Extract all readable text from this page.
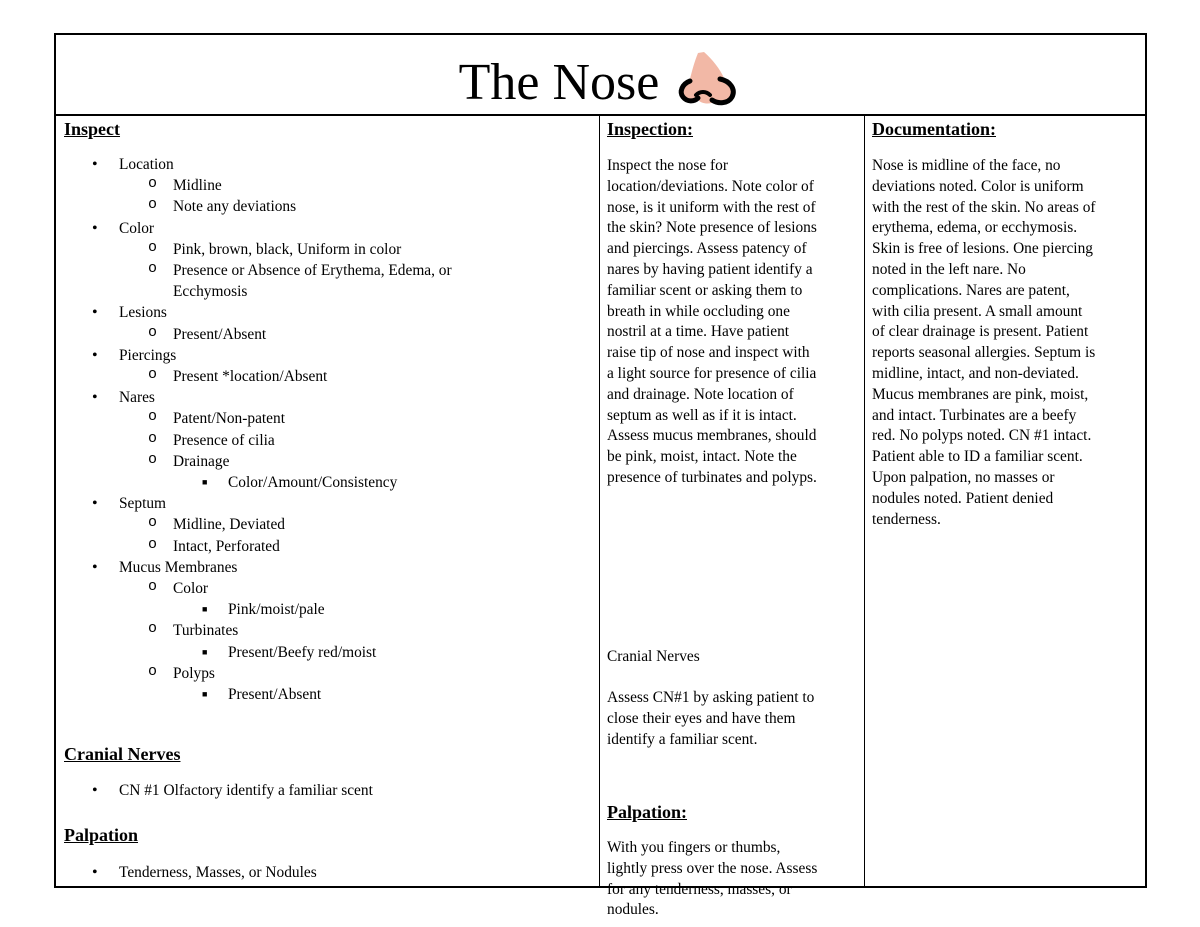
The Nose
Inspect
• Location
o Midline
o Note any deviations
• Color
o Pink, brown, black, Uniform in color
o Presence or Absence of Erythema, Edema, or
Ecchymosis
• Lesions
o Present/Absent
• Piercings
o Present *location/Absent
• Nares
o Patent/Non-patent
o Presence of cilia
o Drainage
■ Color/Amount/Consistency
• Septum
o Midline, Deviated
o Intact, Perforated
• Mucus Membranes
o Color
■ Pink/moist/pale
o Turbinates
■ Present/Beefy red/moist
o Polyps
■ Present/Absent
Cranial Nerves
• CN #1 Olfactory identify a familiar scent
Palpation
• Tenderness, Masses, or Nodules
Inspection:
Inspect the nose for
location/deviations. Note color of
nose, is it uniform with the rest of
the skin? Note presence of lesions
and piercings. Assess patency of
nares by having patient identify a
familiar scent or asking them to
breath in while occluding one
nostril at a time. Have patient
raise tip of nose and inspect with
a light source for presence of cilia
and drainage. Note location of
septum as well as if it is intact.
Assess mucus membranes, should
be pink, moist, intact. Note the
presence of turbinates and polyps.
Cranial Nerves
Assess CN#1 by asking patient to
close their eyes and have them
identify a familiar scent.
Palpation:
With you fingers or thumbs,
lightly press over the nose. Assess
for any tenderness, masses, or
nodules.
Documentation:
Nose is midline of the face, no
deviations noted. Color is uniform
with the rest of the skin. No areas of
erythema, edema, or ecchymosis.
Skin is free of lesions. One piercing
noted in the left nare. No
complications. Nares are patent,
with cilia present. A small amount
of clear drainage is present. Patient
reports seasonal allergies. Septum is
midline, intact, and non-deviated.
Mucus membranes are pink, moist,
and intact. Turbinates are a beefy
red. No polyps noted. CN #1 intact.
Patient able to ID a familiar scent.
Upon palpation, no masses or
nodules noted. Patient denied
tenderness.
